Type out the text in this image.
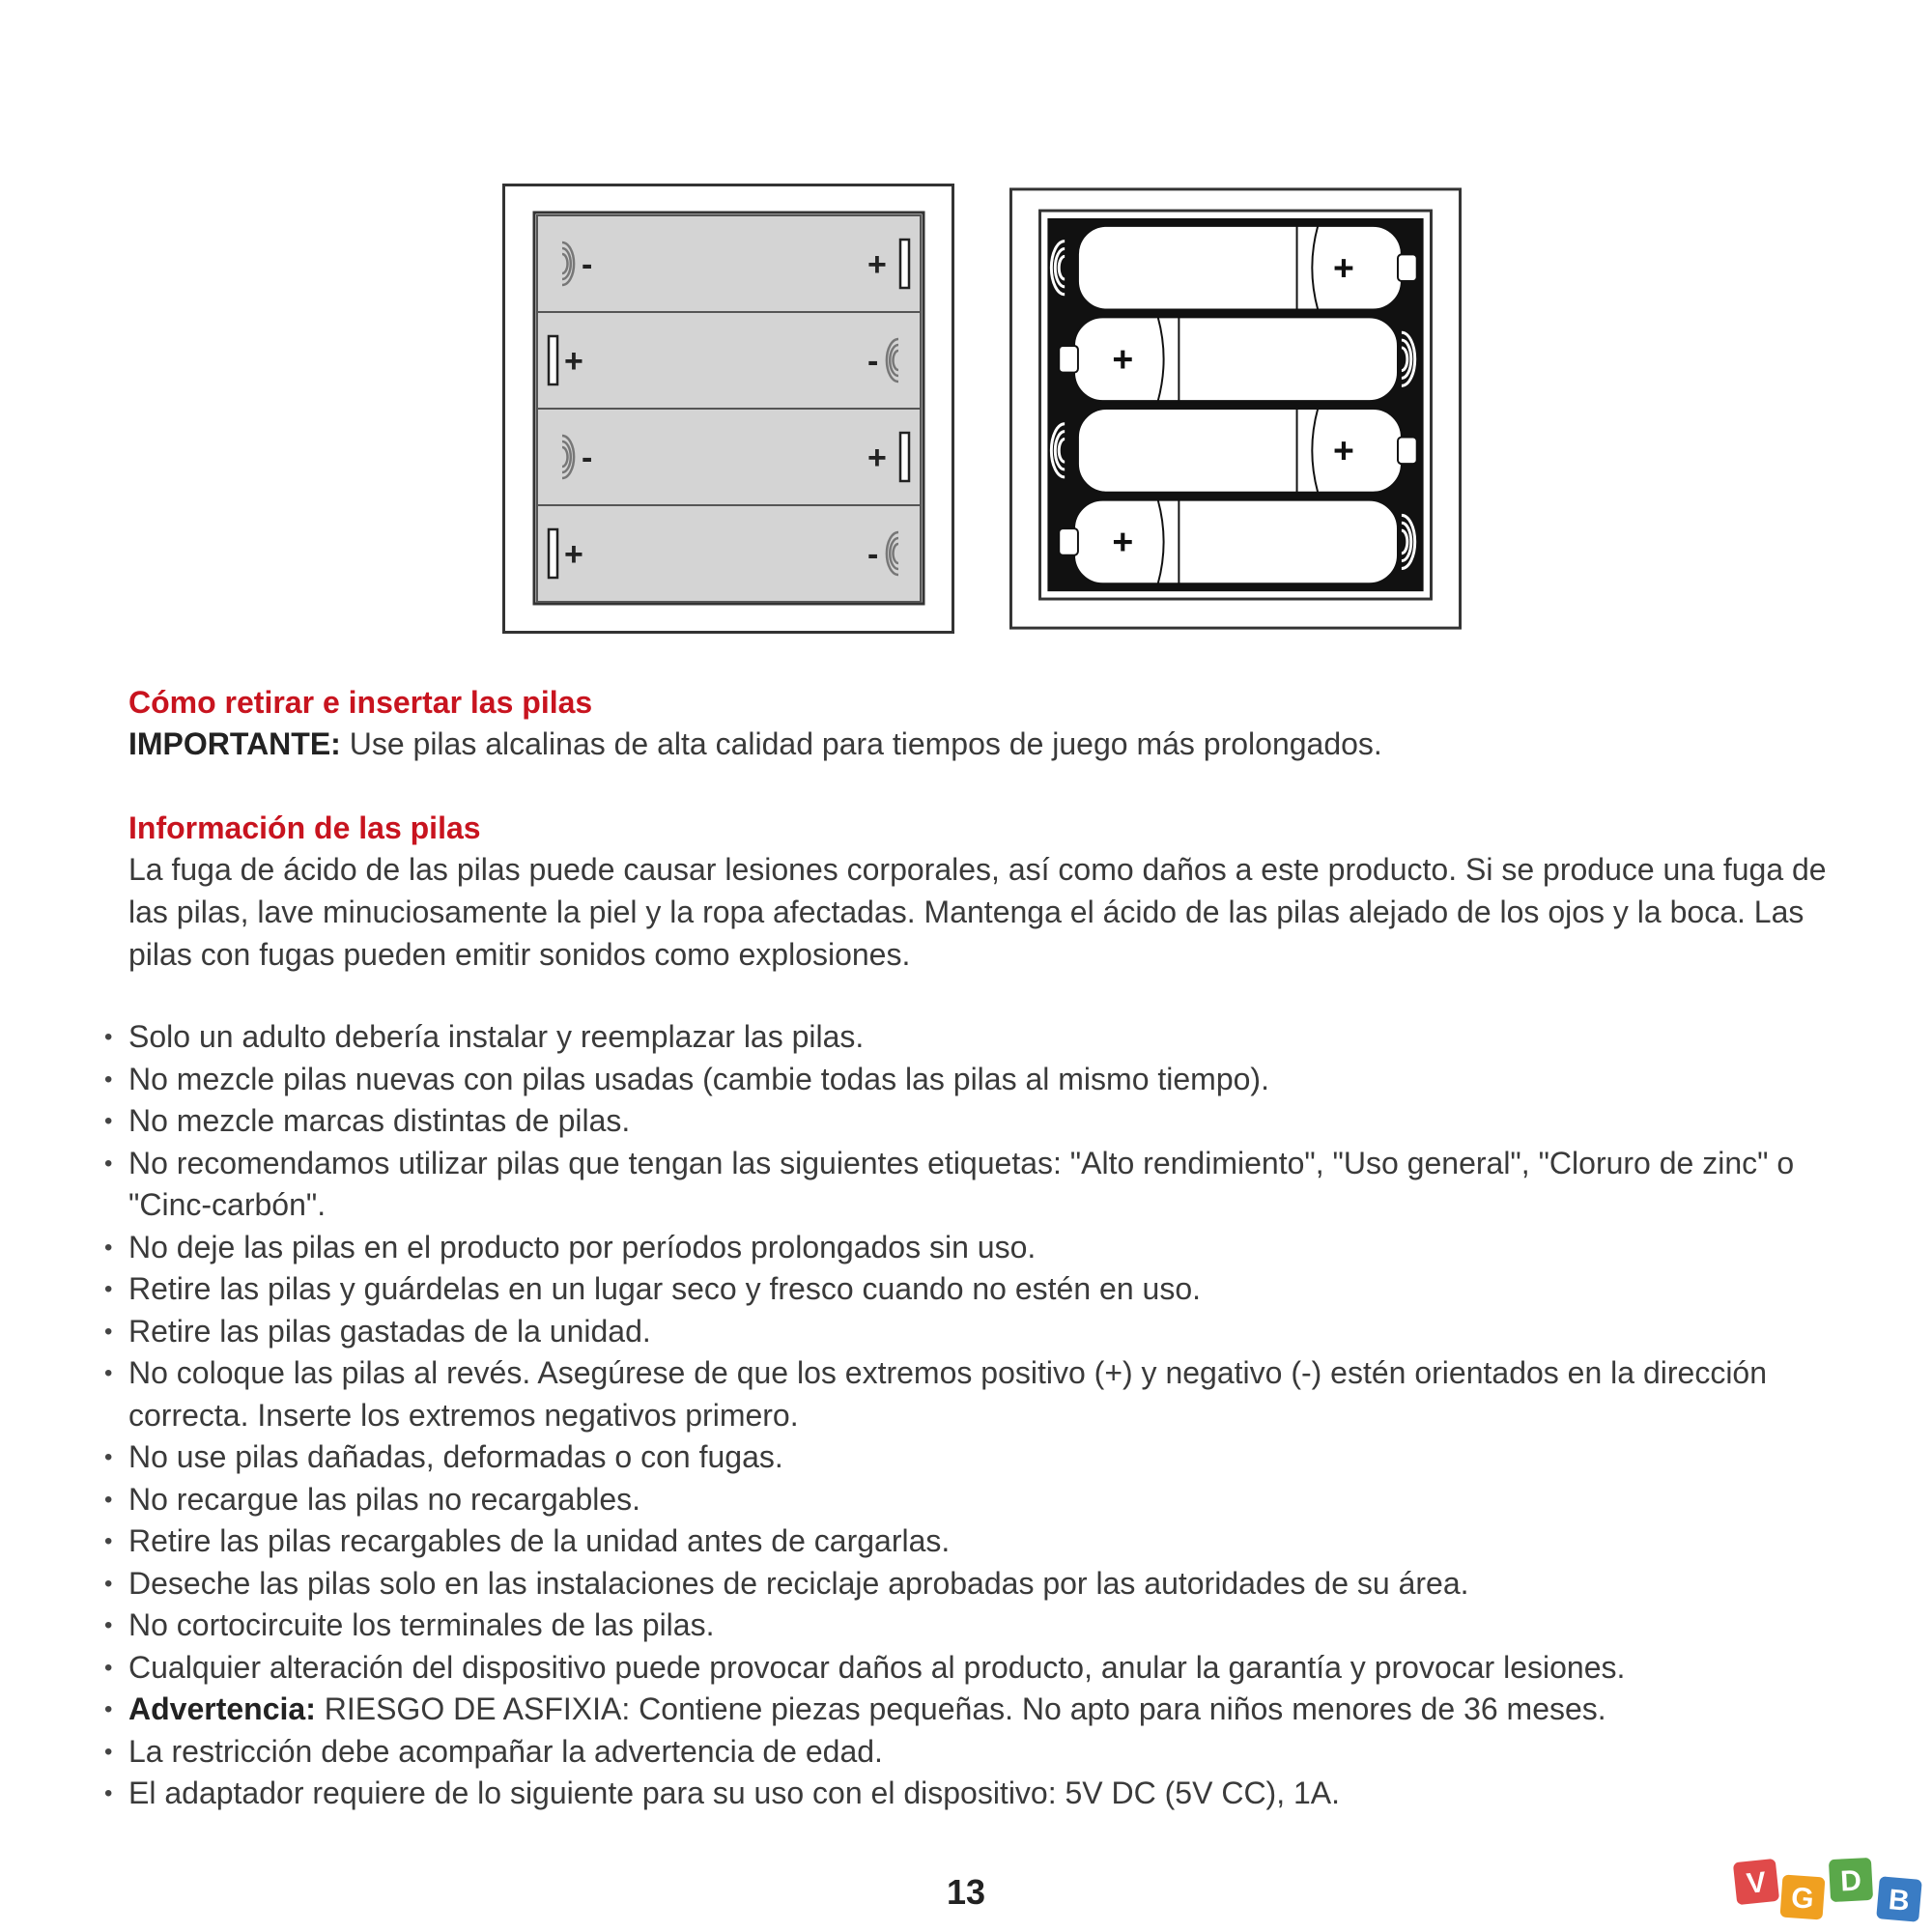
-	+
+	-
-	+
+	-
+
+
+
+

Cómo retirar e insertar las pilas

IMPORTANTE: Use pilas alcalinas de alta calidad para tiempos de juego más prolongados.

Información de las pilas

La fuga de ácido de las pilas puede causar lesiones corporales, así como daños a este producto. Si se produce una fuga de las pilas, lave minuciosamente la piel y la ropa afectadas. Mantenga el ácido de las pilas alejado de los ojos y la boca. Las pilas con fugas pueden emitir sonidos como explosiones.

• Solo un adulto debería instalar y reemplazar las pilas.
• No mezcle pilas nuevas con pilas usadas (cambie todas las pilas al mismo tiempo).
• No mezcle marcas distintas de pilas.
• No recomendamos utilizar pilas que tengan las siguientes etiquetas: "Alto rendimiento", "Uso general", "Cloruro de zinc" o "Cinc-carbón".
• No deje las pilas en el producto por períodos prolongados sin uso.
• Retire las pilas y guárdelas en un lugar seco y fresco cuando no estén en uso.
• Retire las pilas gastadas de la unidad.
• No coloque las pilas al revés. Asegúrese de que los extremos positivo (+) y negativo (-) estén orientados en la dirección correcta. Inserte los extremos negativos primero.
• No use pilas dañadas, deformadas o con fugas.
• No recargue las pilas no recargables.
• Retire las pilas recargables de la unidad antes de cargarlas.
• Deseche las pilas solo en las instalaciones de reciclaje aprobadas por las autoridades de su área.
• No cortocircuite los terminales de las pilas.
• Cualquier alteración del dispositivo puede provocar daños al producto, anular la garantía y provocar lesiones.
• Advertencia: RIESGO DE ASFIXIA: Contiene piezas pequeñas. No apto para niños menores de 36 meses.
• La restricción debe acompañar la advertencia de edad.
• El adaptador requiere de lo siguiente para su uso con el dispositivo: 5V DC (5V CC), 1A.
13	V G
D
B
